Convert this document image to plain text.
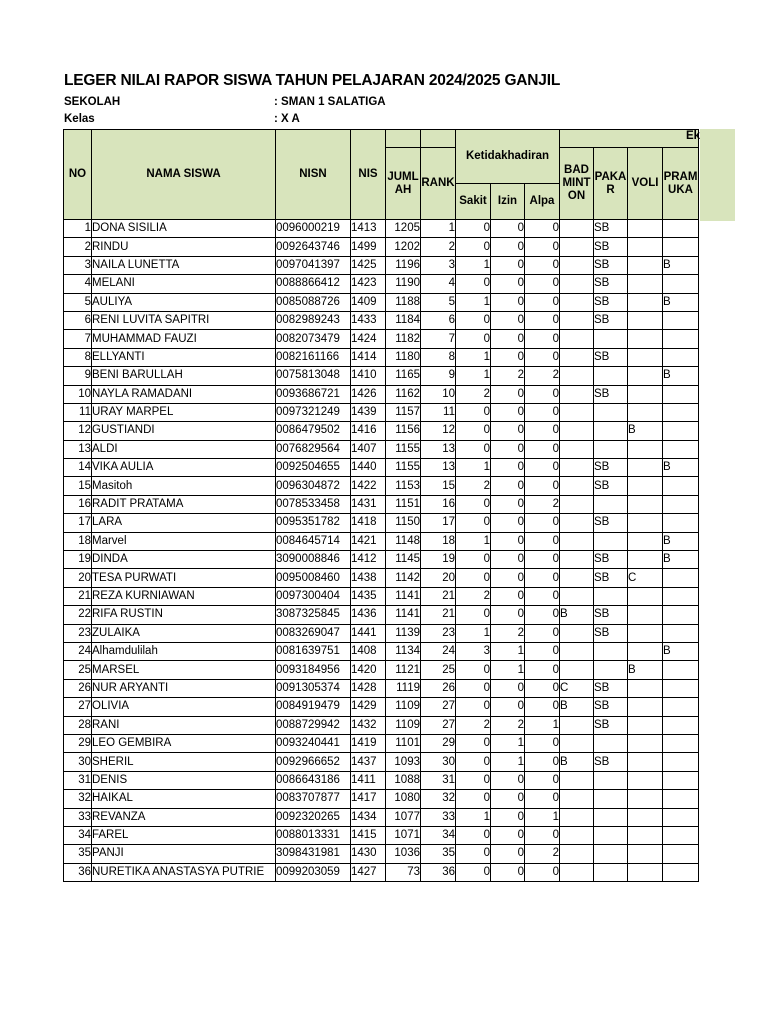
LEGER NILAI RAPOR SISWA TAHUN PELAJARAN 2024/2025 GANJIL
SEKOLAH	: SMAN 1 SALATIGA
Kelas	: X A
NO	NAMA SISWA	NISN	NIS			Ketidakhadiran			Ek			

				JUMLAH	RANK				BADMINTON	PAKAR	VOLI	PRAMUKA
						Sakit	Izin	Alpa				
1	DONA SISILIA	0096000219	1413	1205	1	0	0	0		SB		
2	RINDU	0092643746	1499	1202	2	0	0	0		SB		
3	NAILA LUNETTA	0097041397	1425	1196	3	1	0	0		SB		B
4	MELANI	0088866412	1423	1190	4	0	0	0		SB		
5	AULIYA	0085088726	1409	1188	5	1	0	0		SB		B
6	RENI LUVITA SAPITRI	0082989243	1433	1184	6	0	0	0		SB		
7	MUHAMMAD FAUZI	0082073479	1424	1182	7	0	0	0				
8	ELLYANTI	0082161166	1414	1180	8	1	0	0		SB		
9	BENI BARULLAH	0075813048	1410	1165	9	1	2	2				B
10	NAYLA RAMADANI	0093686721	1426	1162	10	2	0	0		SB		
11	URAY MARPEL	0097321249	1439	1157	11	0	0	0				
12	GUSTIANDI	0086479502	1416	1156	12	0	0	0			B	
13	ALDI	0076829564	1407	1155	13	0	0	0				
14	VIKA AULIA	0092504655	1440	1155	13	1	0	0		SB		B
15	Masitoh	0096304872	1422	1153	15	2	0	0		SB		
16	RADIT PRATAMA	0078533458	1431	1151	16	0	0	2				
17	LARA	0095351782	1418	1150	17	0	0	0		SB		
18	Marvel	0084645714	1421	1148	18	1	0	0				B
19	DINDA	3090008846	1412	1145	19	0	0	0		SB		B
20	TESA PURWATI	0095008460	1438	1142	20	0	0	0		SB	C	
21	REZA KURNIAWAN	0097300404	1435	1141	21	2	0	0				
22	RIFA RUSTIN	3087325845	1436	1141	21	0	0	0	B	SB		
23	ZULAIKA	0083269047	1441	1139	23	1	2	0		SB		
24	Alhamdulilah	0081639751	1408	1134	24	3	1	0				B
25	MARSEL	0093184956	1420	1121	25	0	1	0			B	
26	NUR ARYANTI	0091305374	1428	1119	26	0	0	0	C	SB		
27	OLIVIA	0084919479	1429	1109	27	0	0	0	B	SB		
28	RANI	0088729942	1432	1109	27	2	2	1		SB		
29	LEO GEMBIRA	0093240441	1419	1101	29	0	1	0				
30	SHERIL	0092966652	1437	1093	30	0	1	0	B	SB		
31	DENIS	0086643186	1411	1088	31	0	0	0				
32	HAIKAL	0083707877	1417	1080	32	0	0	0				
33	REVANZA	0092320265	1434	1077	33	1	0	1				
34	FAREL	0088013331	1415	1071	34	0	0	0				
35	PANJI	3098431981	1430	1036	35	0	0	2				
36	NURETIKA ANASTASYA PUTRIE	0099203059	1427	73	36	0	0	0				
